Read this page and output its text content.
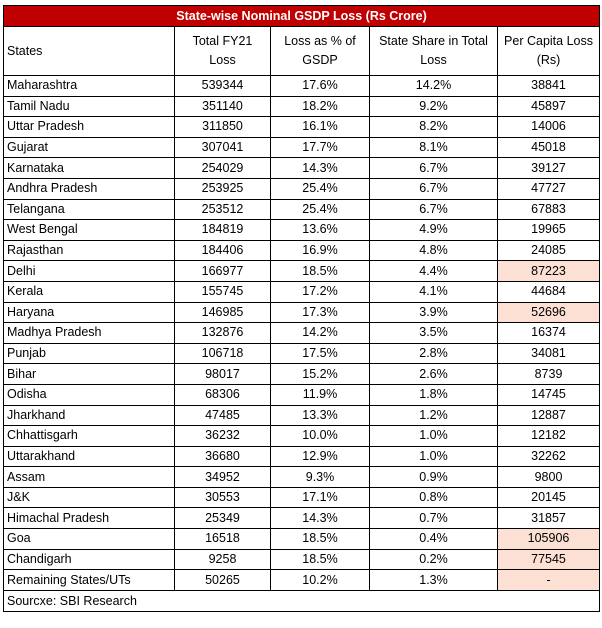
State-wise Nominal GSDP Loss (Rs Crore)				
States	Total FY21 Loss	Loss as % of GSDP	State Share in Total Loss	Per Capita Loss (Rs)
Maharashtra	539344	17.6%	14.2%	38841
Tamil Nadu	351140	18.2%	9.2%	45897
Uttar Pradesh	311850	16.1%	8.2%	14006
Gujarat	307041	17.7%	8.1%	45018
Karnataka	254029	14.3%	6.7%	39127
Andhra Pradesh	253925	25.4%	6.7%	47727
Telangana	253512	25.4%	6.7%	67883
West Bengal	184819	13.6%	4.9%	19965
Rajasthan	184406	16.9%	4.8%	24085
Delhi	166977	18.5%	4.4%	87223
Kerala	155745	17.2%	4.1%	44684
Haryana	146985	17.3%	3.9%	52696
Madhya Pradesh	132876	14.2%	3.5%	16374
Punjab	106718	17.5%	2.8%	34081
Bihar	98017	15.2%	2.6%	8739
Odisha	68306	11.9%	1.8%	14745
Jharkhand	47485	13.3%	1.2%	12887
Chhattisgarh	36232	10.0%	1.0%	12182
Uttarakhand	36680	12.9%	1.0%	32262
Assam	34952	9.3%	0.9%	9800
J&K	30553	17.1%	0.8%	20145
Himachal Pradesh	25349	14.3%	0.7%	31857
Goa	16518	18.5%	0.4%	105906
Chandigarh	9258	18.5%	0.2%	77545
Remaining States/UTs	50265	10.2%	1.3%	-
Sourcxe: SBI Research				
